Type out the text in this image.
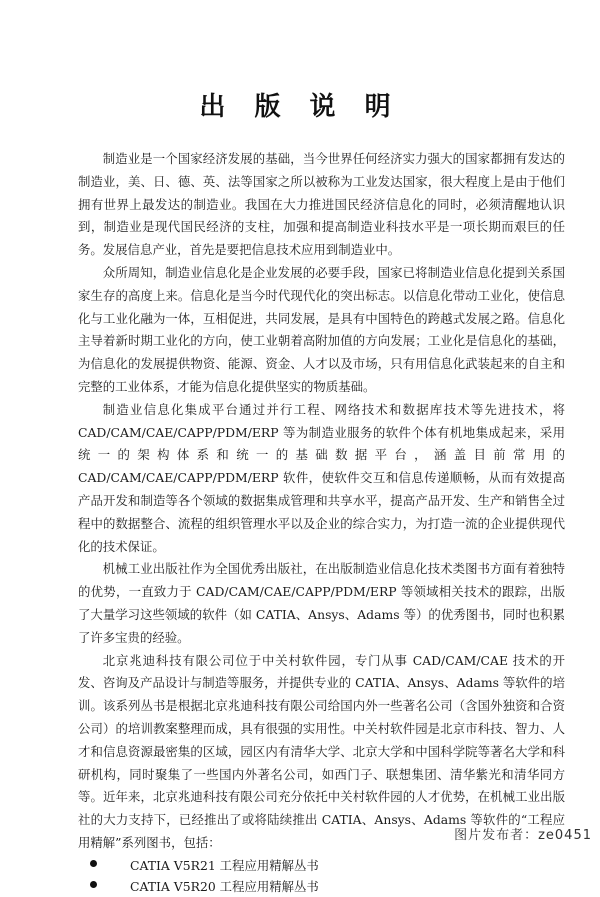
出 版 说 明

制造业是一个国家经济发展的基础，当今世界任何经济实力强大的国家都拥有发达的制造业，美、日、德、英、法等国家之所以被称为工业发达国家，很大程度上是由于他们拥有世界上最发达的制造业。我国在大力推进国民经济信息化的同时，必须清醒地认识到，制造业是现代国民经济的支柱，加强和提高制造业科技水平是一项长期而艰巨的任务。发展信息产业，首先是要把信息技术应用到制造业中。

众所周知，制造业信息化是企业发展的必要手段，国家已将制造业信息化提到关系国家生存的高度上来。信息化是当今时代现代化的突出标志。以信息化带动工业化，使信息化与工业化融为一体，互相促进，共同发展，是具有中国特色的跨越式发展之路。信息化主导着新时期工业化的方向，使工业朝着高附加值的方向发展；工业化是信息化的基础，为信息化的发展提供物资、能源、资金、人才以及市场，只有用信息化武装起来的自主和完整的工业体系，才能为信息化提供坚实的物质基础。

制造业信息化集成平台通过并行工程、网络技术和数据库技术等先进技术，将CAD/CAM/CAE/CAPP/PDM/ERP 等为制造业服务的软件个体有机地集成起来，采用统一的架构体系和统一的基础数据平台，涵盖目前常用的 CAD/CAM/CAE/CAPP/PDM/ERP 软件，使软件交互和信息传递顺畅，从而有效提高产品开发和制造等各个领域的数据集成管理和共享水平，提高产品开发、生产和销售全过程中的数据整合、流程的组织管理水平以及企业的综合实力，为打造一流的企业提供现代化的技术保证。

机械工业出版社作为全国优秀出版社，在出版制造业信息化技术类图书方面有着独特的优势，一直致力于 CAD/CAM/CAE/CAPP/PDM/ERP 等领域相关技术的跟踪，出版了大量学习这些领域的软件（如 CATIA、Ansys、Adams 等）的优秀图书，同时也积累了许多宝贵的经验。

北京兆迪科技有限公司位于中关村软件园，专门从事 CAD/CAM/CAE 技术的开发、咨询及产品设计与制造等服务，并提供专业的 CATIA、Ansys、Adams 等软件的培训。该系列丛书是根据北京兆迪科技有限公司给国内外一些著名公司（含国外独资和合资公司）的培训教案整理而成，具有很强的实用性。中关村软件园是北京市科技、智力、人才和信息资源最密集的区域，园区内有清华大学、北京大学和中国科学院等著名大学和科研机构，同时聚集了一些国内外著名公司，如西门子、联想集团、清华紫光和清华同方等。近年来，北京兆迪科技有限公司充分依托中关村软件园的人才优势，在机械工业出版社的大力支持下，已经推出了或将陆续推出 CATIA、Ansys、Adams 等软件的“工程应用精解”系列图书，包括：

CATIA V5R21 工程应用精解丛书
CATIA V5R20 工程应用精解丛书
图片发布者：ze0451
